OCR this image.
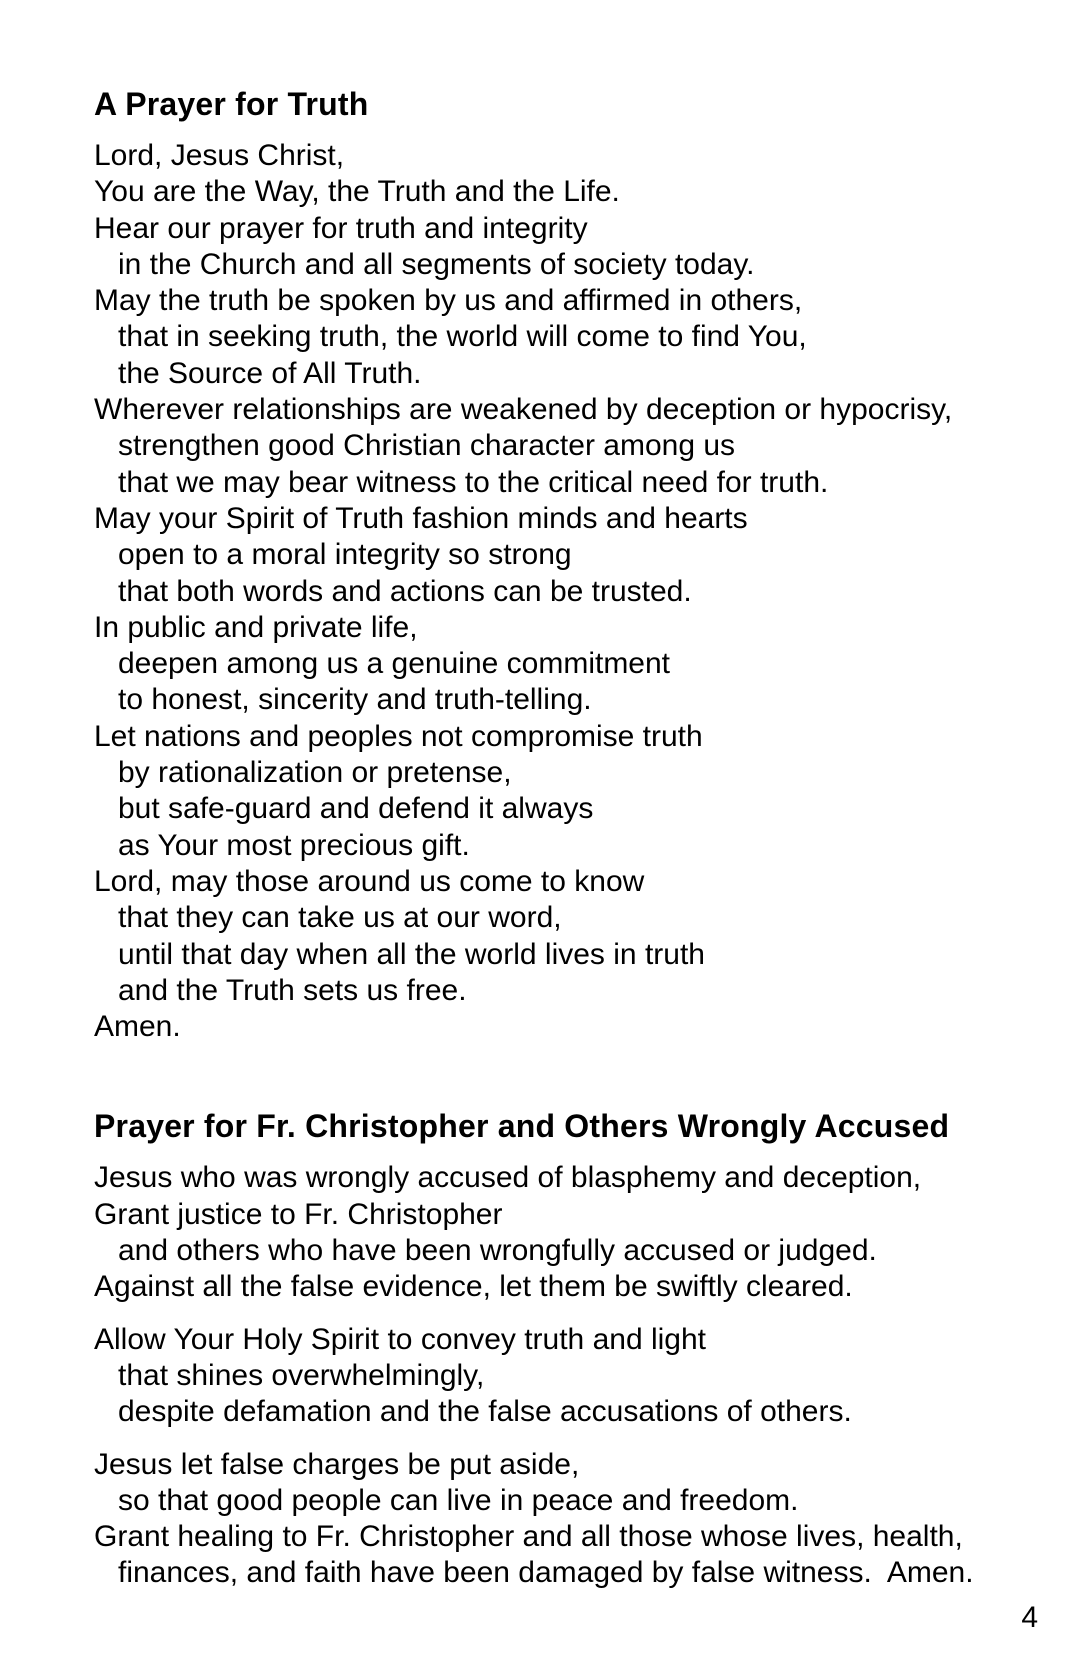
A Prayer for Truth
Lord, Jesus Christ,
You are the Way, the Truth and the Life.
Hear our prayer for truth and integrity
in the Church and all segments of society today.
May the truth be spoken by us and affirmed in others,
that in seeking truth, the world will come to find You,
the Source of All Truth.
Wherever relationships are weakened by deception or hypocrisy,
strengthen good Christian character among us
that we may bear witness to the critical need for truth.
May your Spirit of Truth fashion minds and hearts
open to a moral integrity so strong
that both words and actions can be trusted.
In public and private life,
deepen among us a genuine commitment
to honest, sincerity and truth-telling.
Let nations and peoples not compromise truth
by rationalization or pretense,
but safe-guard and defend it always
as Your most precious gift.
Lord, may those around us come to know
that they can take us at our word,
until that day when all the world lives in truth
and the Truth sets us free.
Amen.
Prayer for Fr. Christopher and Others Wrongly Accused
Jesus who was wrongly accused of blasphemy and deception,
Grant justice to Fr. Christopher
and others who have been wrongfully accused or judged.
Against all the false evidence, let them be swiftly cleared.
Allow Your Holy Spirit to convey truth and light
that shines overwhelmingly,
despite defamation and the false accusations of others.
Jesus let false charges be put aside,
so that good people can live in peace and freedom.
Grant healing to Fr. Christopher and all those whose lives, health,
finances, and faith have been damaged by false witness.  Amen.
4
